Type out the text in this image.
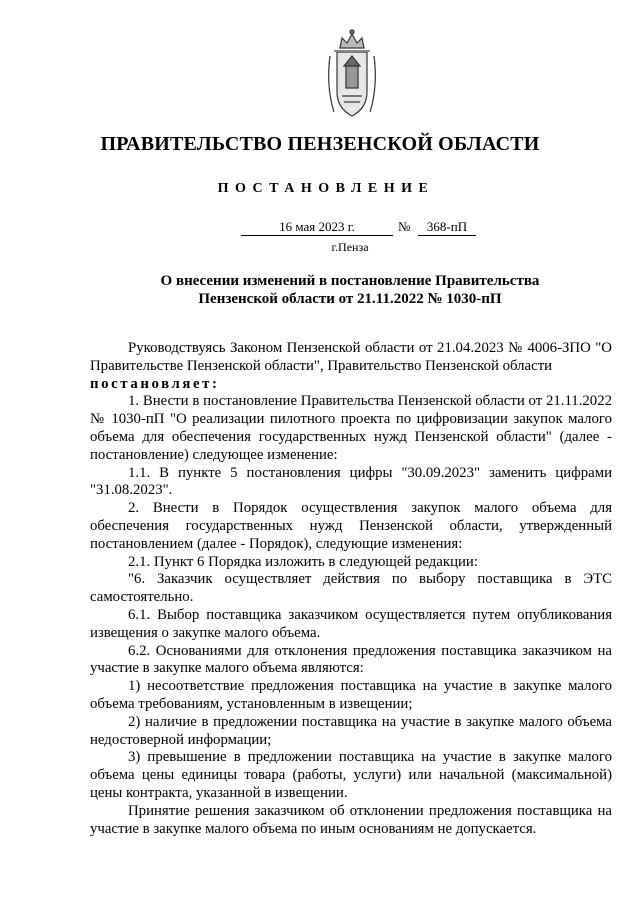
ПРАВИТЕЛЬСТВО ПЕНЗЕНСКОЙ ОБЛАСТИ
ПОСТАНОВЛЕНИЕ
16 мая 2023 г.	№	368-пП
г.Пенза
О внесении изменений в постановление Правительства
Пензенской области от 21.11.2022 № 1030-пП

Руководствуясь Законом Пензенской области от 21.04.2023 № 4006-ЗПО "О Правительстве Пензенской области", Правительство Пензенской области

постановляет:

1. Внести в постановление Правительства Пензенской области от 21.11.2022 № 1030-пП "О реализации пилотного проекта по цифровизации закупок малого объема для обеспечения государственных нужд Пензенской области" (далее - постановление) следующее изменение:

1.1. В пункте 5 постановления цифры "30.09.2023" заменить цифрами "31.08.2023".

2. Внести в Порядок осуществления закупок малого объема для обеспечения государственных нужд Пензенской области, утвержденный постановлением (далее - Порядок), следующие изменения:

2.1. Пункт 6 Порядка изложить в следующей редакции:

"6. Заказчик осуществляет действия по выбору поставщика в ЭТС самостоятельно.

6.1. Выбор поставщика заказчиком осуществляется путем опубликования извещения о закупке малого объема.

6.2. Основаниями для отклонения предложения поставщика заказчиком на участие в закупке малого объема являются:

1) несоответствие предложения поставщика на участие в закупке малого объема требованиям, установленным в извещении;

2) наличие в предложении поставщика на участие в закупке малого объема недостоверной информации;

3) превышение в предложении поставщика на участие в закупке малого объема цены единицы товара (работы, услуги) или начальной (максимальной) цены контракта, указанной в извещении.

Принятие решения заказчиком об отклонении предложения поставщика на участие в закупке малого объема по иным основаниям не допускается.
